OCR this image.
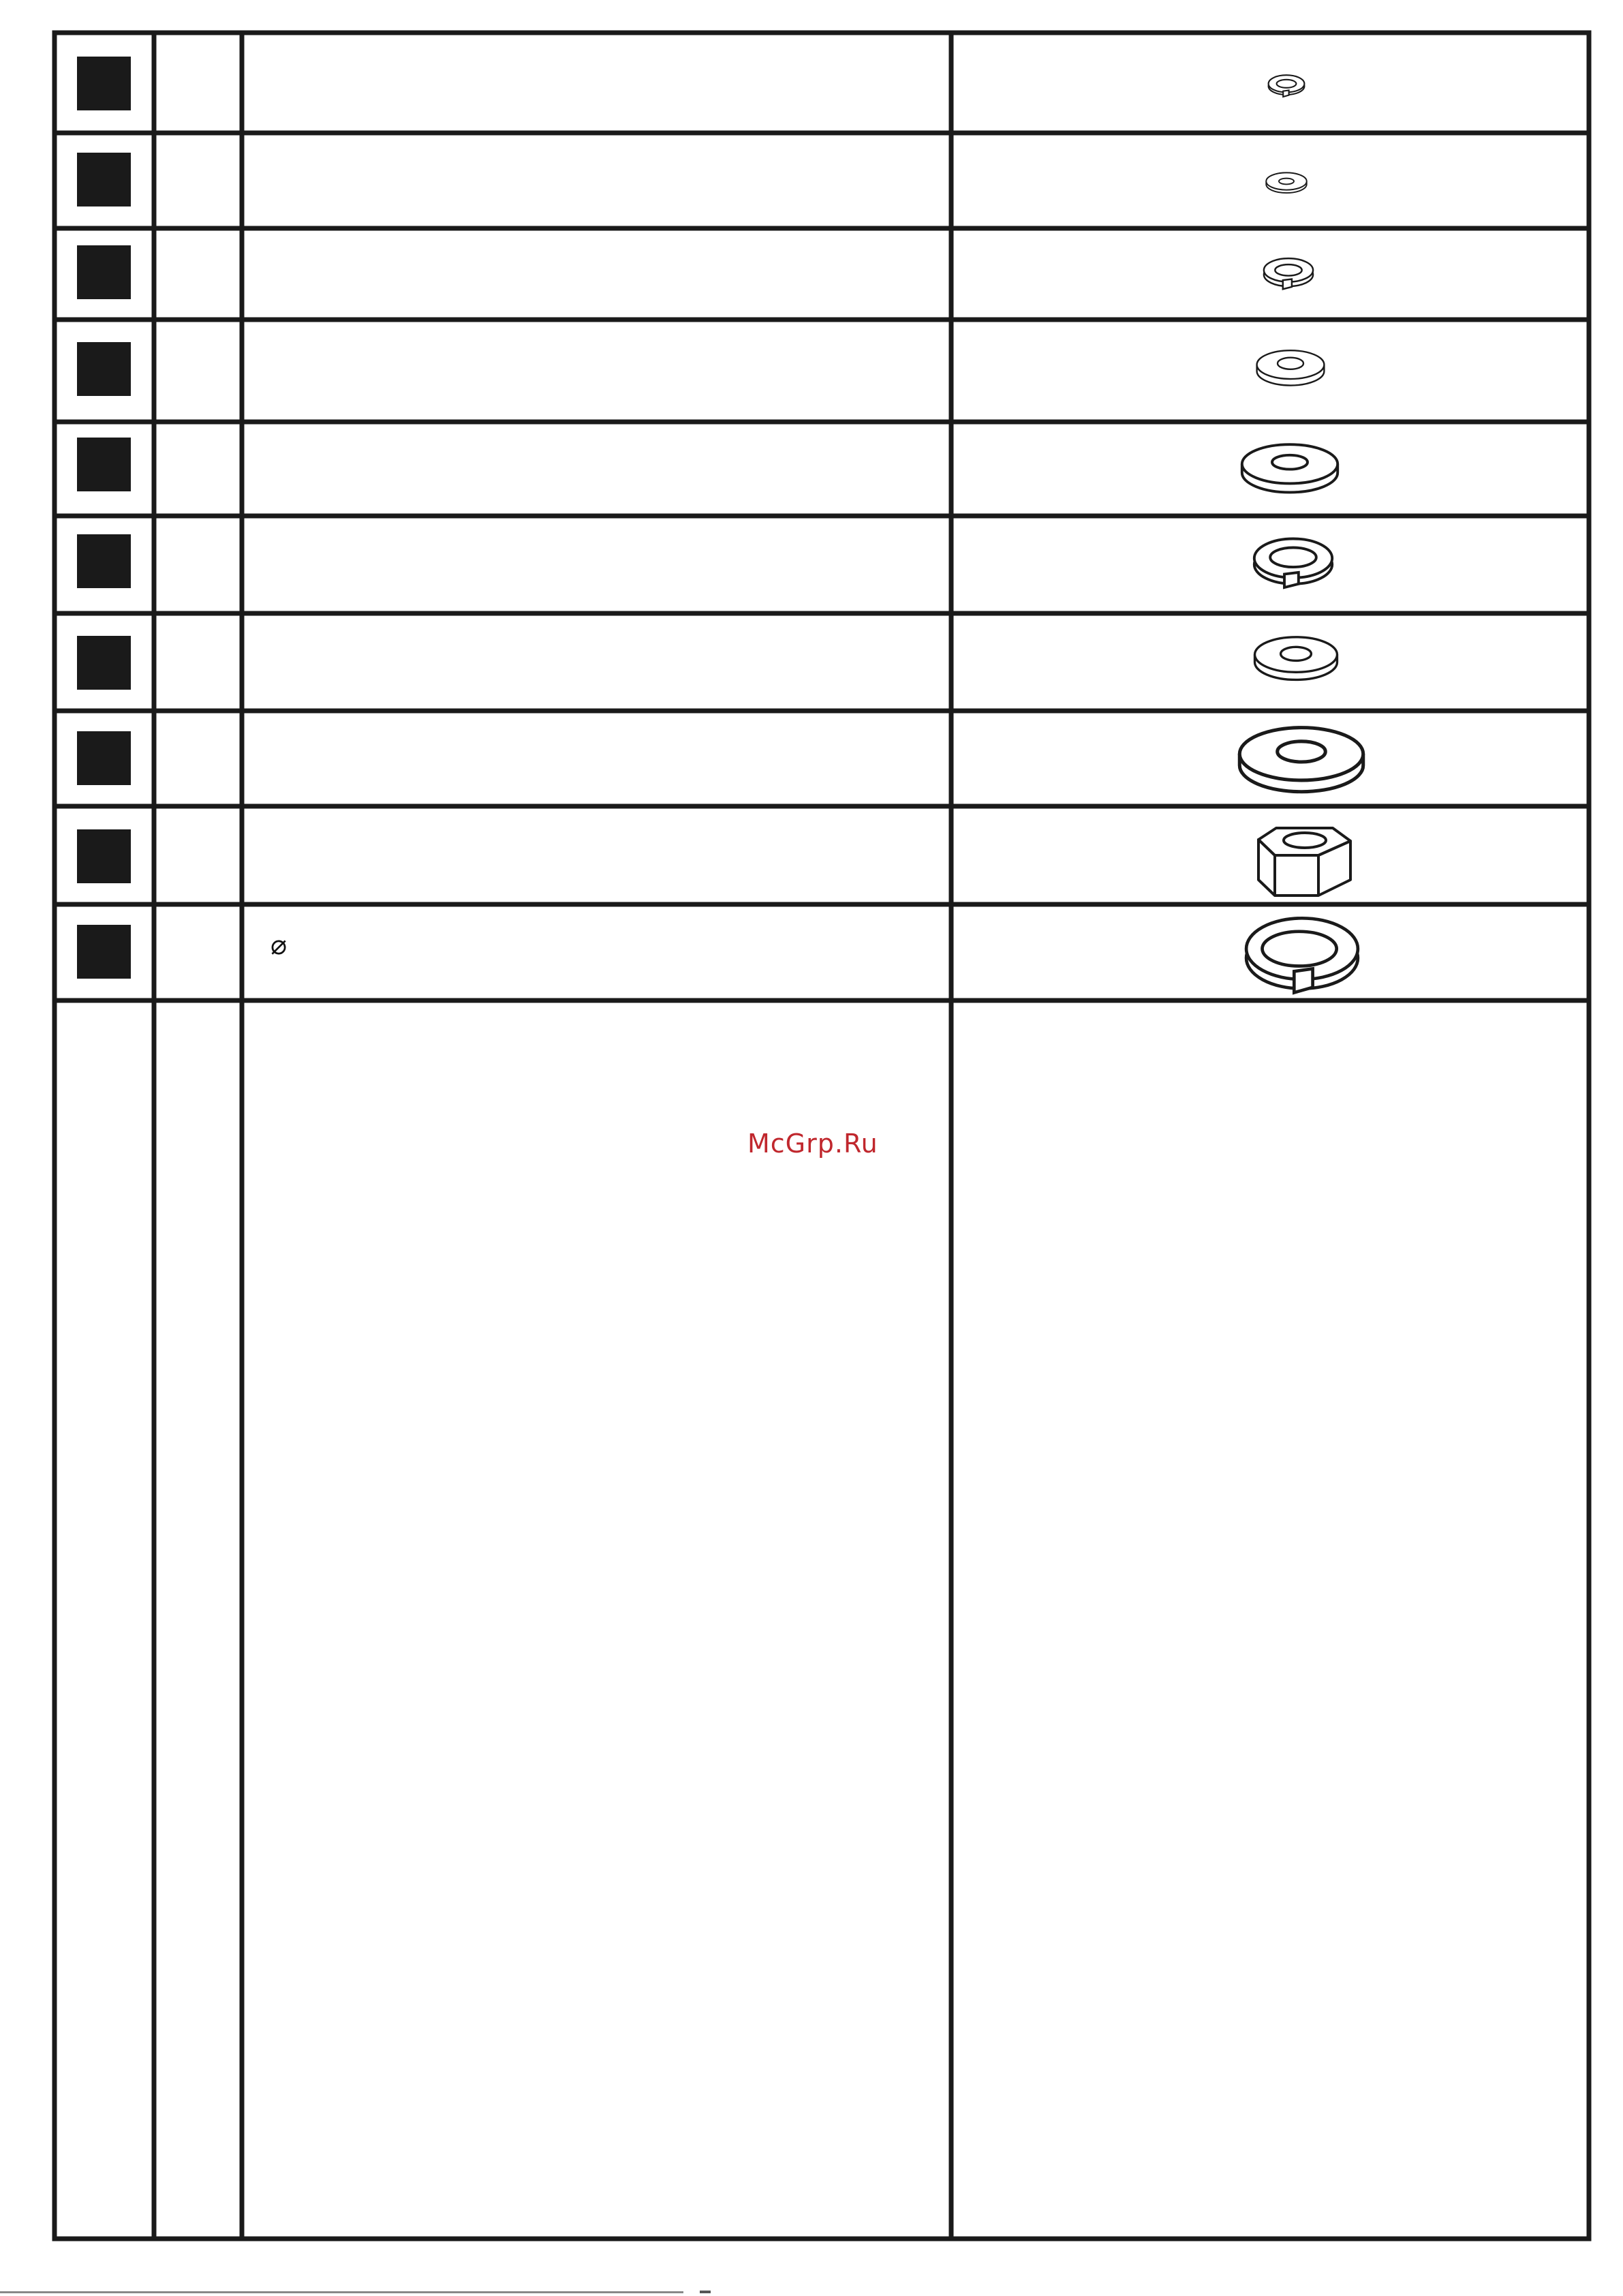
⌀
McGrp.Ru
